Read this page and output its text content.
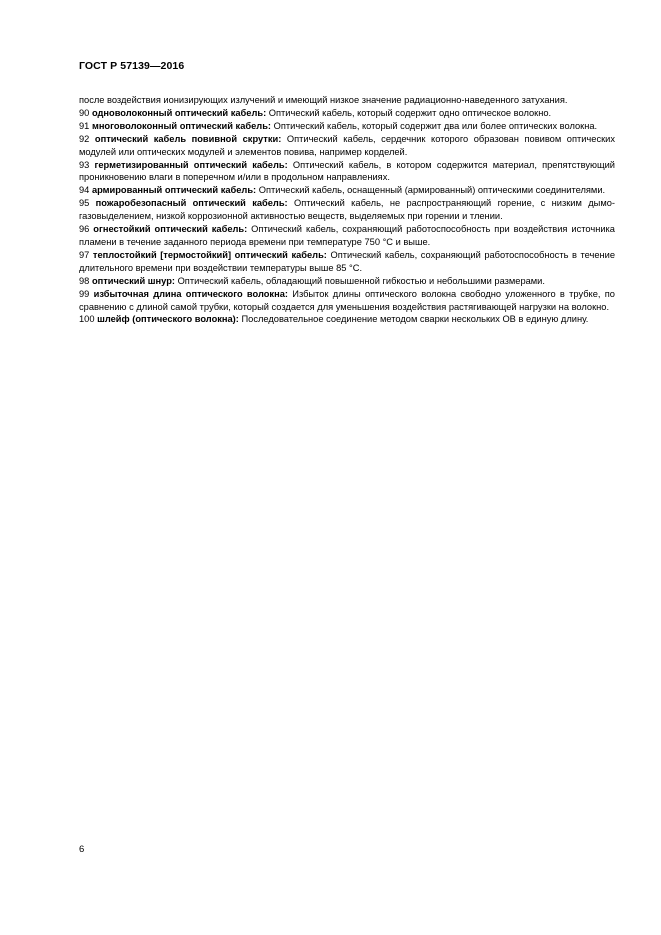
ГОСТ Р 57139—2016

после воздействия ионизирующих излучений и имеющий низкое значение радиационно-наведенного затухания.

90 одноволоконный оптический кабель: Оптический кабель, который содержит одно оптическое волокно.

91 многоволоконный оптический кабель: Оптический кабель, который содержит два или более оптических волокна.

92 оптический кабель повивной скрутки: Оптический кабель, сердечник которого образован повивом оптических модулей или оптических модулей и элементов повива, например корделей.

93 герметизированный оптический кабель: Оптический кабель, в котором содержится материал, препятствующий проникновению влаги в поперечном и/или в продольном направлениях.

94 армированный оптический кабель: Оптический кабель, оснащенный (армированный) оптическими соединителями.

95 пожаробезопасный оптический кабель: Оптический кабель, не распространяющий горение, с низким дымо-газовыделением, низкой коррозионной активностью веществ, выделяемых при горении и тлении.

96 огнестойкий оптический кабель: Оптический кабель, сохраняющий работоспособность при воздействия источника пламени в течение заданного периода времени при температуре 750 °С и выше.

97 теплостойкий [термостойкий] оптический кабель: Оптический кабель, сохраняющий работоспособность в течение длительного времени при воздействии температуры выше 85 °С.

98 оптический шнур: Оптический кабель, обладающий повышенной гибкостью и небольшими размерами.

99 избыточная длина оптического волокна: Избыток длины оптического волокна свободно уложенного в трубке, по сравнению с длиной самой трубки, который создается для уменьшения воздействия растягивающей нагрузки на волокно.

100 шлейф (оптического волокна): Последовательное соединение методом сварки нескольких ОВ в единую длину.

6
